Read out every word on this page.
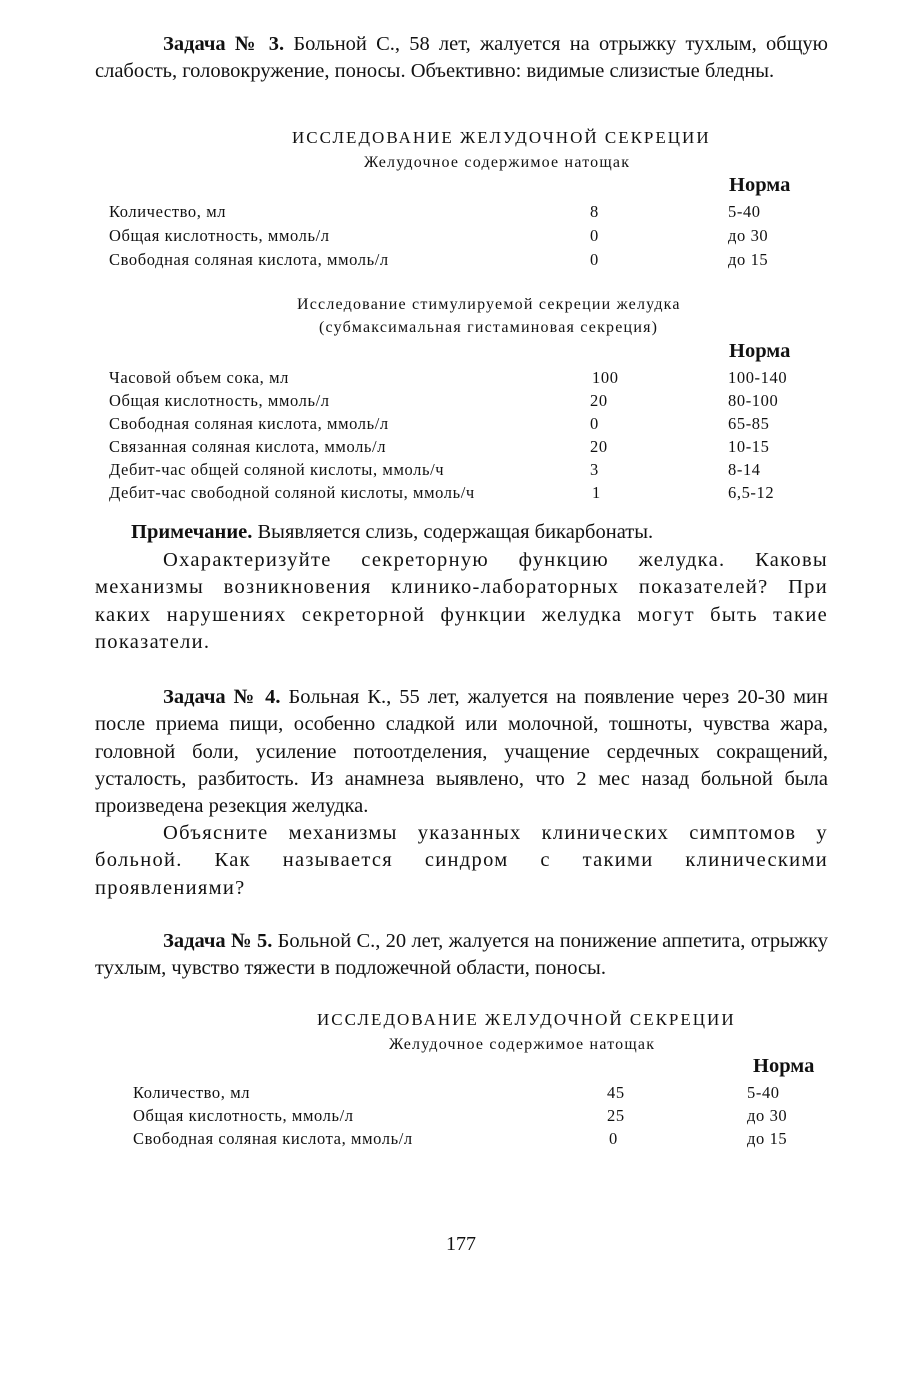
Задача № 3. Больной С., 58 лет, жалуется на отрыжку тухлым, общую слабость, головокружение, поносы. Объективно: видимые слизистые бледны.

ИССЛЕДОВАНИЕ ЖЕЛУДОЧНОЙ СЕКРЕЦИИ

Желудочное содержимое натощак

Норма

Количество, мл	8	5-40
Общая кислотность, ммоль/л	0	до 30
Свободная соляная кислота, ммоль/л	0	до 15

Исследование стимулируемой секреции желудка

(субмаксимальная гистаминовая секреция)

Норма

Часовой объем сока, мл	100	100-140
Общая кислотность, ммоль/л	20	80-100
Свободная соляная кислота, ммоль/л	0	65-85
Связанная соляная кислота, ммоль/л	20	10-15
Дебит-час общей соляной кислоты, ммоль/ч	3	8-14
Дебит-час свободной соляной кислоты, ммоль/ч	1	6,5-12

Примечание. Выявляется слизь, содержащая бикарбонаты.

Охарактеризуйте секреторную функцию желудка. Каковы механизмы возникновения клинико-лабораторных показателей? При каких нарушениях секреторной функции желудка могут быть такие показатели.

Задача № 4. Больная К., 55 лет, жалуется на появление через 20-30 мин после приема пищи, особенно сладкой или молочной, тошноты, чувства жара, головной боли, усиление потоотделения, учащение сердечных сокращений, усталость, разбитость. Из анамнеза выявлено, что 2 мес назад больной была произведена резекция желудка.

Объясните механизмы указанных клинических симптомов у больной. Как называется синдром с такими клиническими проявлениями?

Задача № 5. Больной С., 20 лет, жалуется на понижение аппетита, отрыжку тухлым, чувство тяжести в подложечной области, поносы.

ИССЛЕДОВАНИЕ ЖЕЛУДОЧНОЙ СЕКРЕЦИИ

Желудочное содержимое натощак

Норма

Количество, мл	45	5-40
Общая кислотность, ммоль/л	25	до 30
Свободная соляная кислота, ммоль/л	0	до 15

177
